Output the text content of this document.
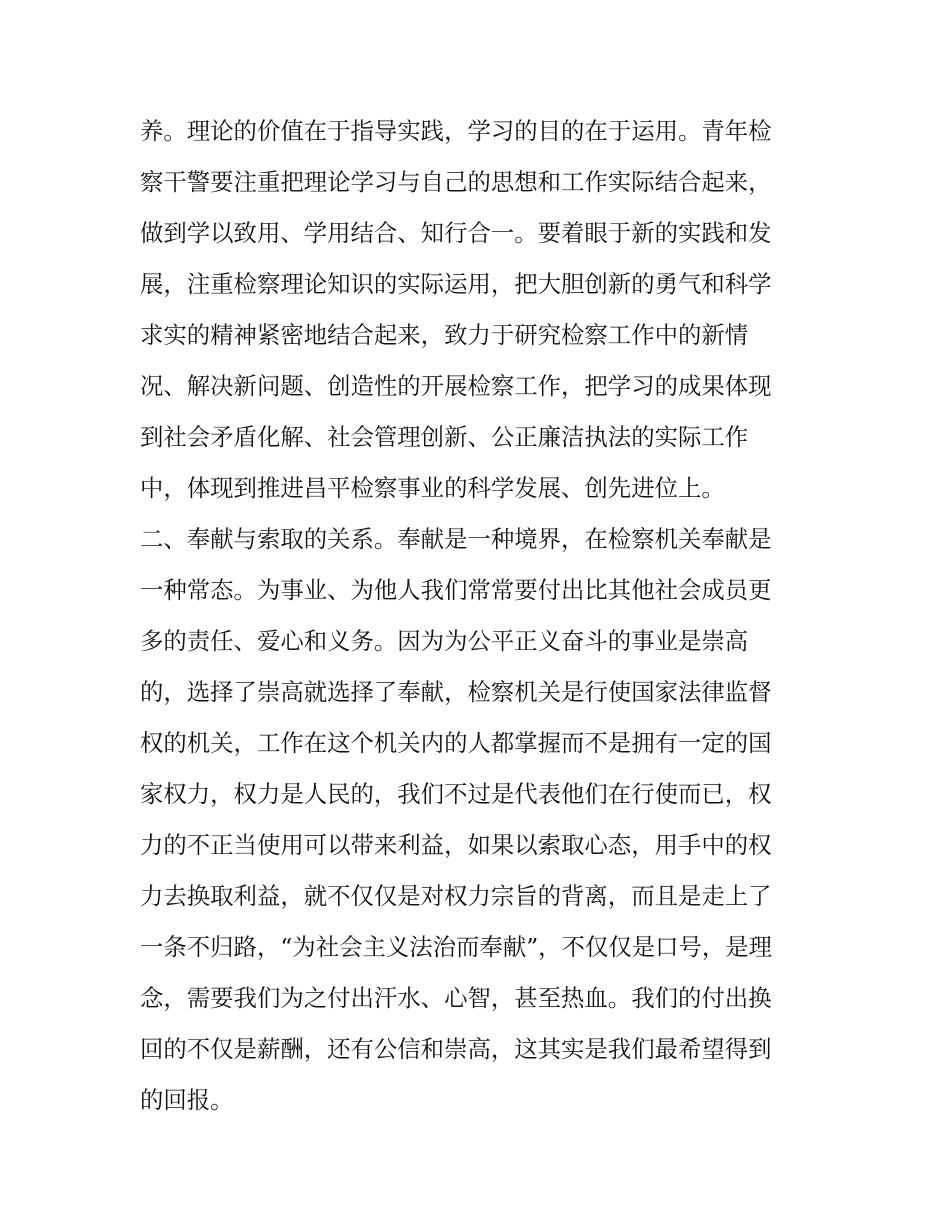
养。理论的价值在于指导实践，学习的目的在于运用。青年检
察干警要注重把理论学习与自己的思想和工作实际结合起来，
做到学以致用、学用结合、知行合一。要着眼于新的实践和发
展，注重检察理论知识的实际运用，把大胆创新的勇气和科学
求实的精神紧密地结合起来，致力于研究检察工作中的新情
况、解决新问题、创造性的开展检察工作，把学习的成果体现
到社会矛盾化解、社会管理创新、公正廉洁执法的实际工作
中，体现到推进昌平检察事业的科学发展、创先进位上。
二、奉献与索取的关系。奉献是一种境界，在检察机关奉献是
一种常态。为事业、为他人我们常常要付出比其他社会成员更
多的责任、爱心和义务。因为为公平正义奋斗的事业是崇高
的，选择了崇高就选择了奉献，检察机关是行使国家法律监督
权的机关，工作在这个机关内的人都掌握而不是拥有一定的国
家权力，权力是人民的，我们不过是代表他们在行使而已，权
力的不正当使用可以带来利益，如果以索取心态，用手中的权
力去换取利益，就不仅仅是对权力宗旨的背离，而且是走上了
一条不归路，“为社会主义法治而奉献”，不仅仅是口号，是理
念，需要我们为之付出汗水、心智，甚至热血。我们的付出换
回的不仅是薪酬，还有公信和崇高，这其实是我们最希望得到
的回报。
